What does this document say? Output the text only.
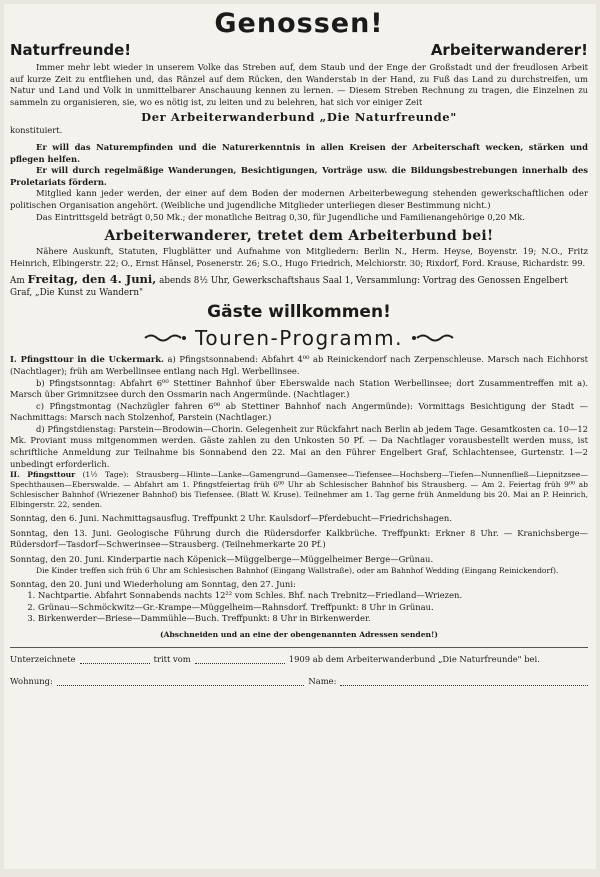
Genossen!
Naturfreunde!	Arbeiterwanderer!

Immer mehr lebt wieder in unserem Volke das Streben auf, dem Staub und der Enge der Großstadt und der freudlosen Arbeit auf kurze Zeit zu entfliehen und, das Ränzel auf dem Rücken, den Wanderstab in der Hand, zu Fuß das Land zu durchstreifen, um Natur und Land und Volk in unmittelbarer Anschauung kennen zu lernen. — Diesem Streben Rechnung zu tragen, die Einzelnen zu sammeln zu organisieren, sie, wo es nötig ist, zu leiten und zu belehren, hat sich vor einiger Zeit

Der Arbeiterwanderbund „Die Naturfreunde"

konstituiert.

Er will das Naturempfinden und die Naturerkenntnis in allen Kreisen der Arbeiterschaft wecken, stärken und pflegen helfen.

Er will durch regelmäßige Wanderungen, Besichtigungen, Vorträge usw. die Bildungsbestrebungen innerhalb des Proletariats fördern.

Mitglied kann jeder werden, der einer auf dem Boden der modernen Arbeiterbewegung stehenden gewerkschaftlichen oder politischen Organisation angehört. (Weibliche und jugendliche Mitglieder unterliegen dieser Bestimmung nicht.)

Das Eintrittsgeld beträgt 0,50 Mk.; der monatliche Beitrag 0,30, für Jugendliche und Familienangehörige 0,20 Mk.

Arbeiterwanderer, tretet dem Arbeiterbund bei!

Nähere Auskunft, Statuten, Flugblätter und Aufnahme von Mitgliedern: Berlin N., Herm. Heyse, Boyenstr. 19; N.O., Fritz Heinrich, Elbingerstr. 22; O., Ernst Hänsel, Posenerstr. 26; S.O., Hugo Friedrich, Melchiorstr. 30; Rixdorf, Ford. Krause, Richardstr. 99.

Am Freitag, den 4. Juni, abends 8½ Uhr, Gewerkschaftshaus Saal 1, Versammlung: Vortrag des Genossen Engelbert Graf, „Die Kunst zu Wandern"

Gäste willkommen!
Touren-Programm.

I. Pfingsttour in die Uckermark. a) Pfingstsonnabend: Abfahrt 4⁰⁰ ab Reinickendorf nach Zerpenschleuse. Marsch nach Eichhorst (Nachtlager); früh am Werbellinsee entlang nach Hgl. Werbellinsee.

b) Pfingstsonntag: Abfahrt 6⁰⁰ Stettiner Bahnhof über Eberswalde nach Station Werbellinsee; dort Zusammentreffen mit a). Marsch über Grimnitzsee durch den Ossmarin nach Angermünde. (Nachtlager.)

c) Pfingstmontag (Nachzügler fahren 6⁰⁰ ab Stettiner Bahnhof nach Angermünde): Vormittags Besichtigung der Stadt — Nachmittags: Marsch nach Stolzenhof, Parstein (Nachtlager.)

d) Pfingstdienstag: Parstein—Brodowin—Chorin. Gelegenheit zur Rückfahrt nach Berlin ab jedem Tage. Gesamtkosten ca. 10—12 Mk. Proviant muss mitgenommen werden. Gäste zahlen zu den Unkosten 50 Pf. — Da Nachtlager vorausbestellt werden muss, ist schriftliche Anmeldung zur Teilnahme bis Sonnabend den 22. Mai an den Führer Engelbert Graf, Schlachtensee, Gurtenstr. 1—2 unbedingt erforderlich.

II. Pfingsttour (1½ Tage): Strausberg—Hlinte—Lanke—Gamengrund—Gamensee—Tiefensee—Hochsberg—Tiefen—Nunnenfließ—Liepnitzsee—Spechthausen—Eberswalde. — Abfahrt am 1. Pfingstfeiertag früh 6⁰⁰ Uhr ab Schlesischer Bahnhof bis Strausberg. — Am 2. Feiertag früh 9⁰⁰ ab Schlesischer Bahnhof (Wriezener Bahnhof) bis Tiefensee. (Blatt W. Kruse). Teilnehmer am 1. Tag gerne früh Anmeldung bis 20. Mai an P. Heinrich, Elbingerstr. 22, senden.

Sonntag, den 6. Juni. Nachmittagsausflug. Treffpunkt 2 Uhr. Kaulsdorf—Pferdebucht—Friedrichshagen.

Sonntag, den 13. Juni. Geologische Führung durch die Rüdersdorfer Kalkbrüche. Treffpunkt: Erkner 8 Uhr. — Kranichsberge—Rüdersdorf—Tasdorf—Schwerinsee—Strausberg. (Teilnehmerkarte 20 Pf.)

Sonntag, den 20. Juni. Kinderpartie nach Köpenick—Müggelberge—Müggelheimer Berge—Grünau.

Die Kinder treffen sich früh 6 Uhr am Schlesischen Bahnhof (Eingang Wallstraße), oder am Bahnhof Wedding (Eingang Reinickendorf).

Sonntag, den 20. Juni und Wiederholung am Sonntag, den 27. Juni:

1. Nachtpartie. Abfahrt Sonnabends nachts 12²² vom Schles. Bhf. nach Trebnitz—Friedland—Wriezen.
2. Grünau—Schmöckwitz—Gr.-Krampe—Müggelheim—Rahnsdorf. Treffpunkt: 8 Uhr in Grünau.
3. Birkenwerder—Briese—Dammühle—Buch. Treffpunkt: 8 Uhr in Birkenwerder.
(Abschneiden und an eine der obengenannten Adressen senden!)
Unterzeichnete	tritt vom	1909 ab dem Arbeiterwanderbund „Die Naturfreunde" bei.
Wohnung:	Name:
